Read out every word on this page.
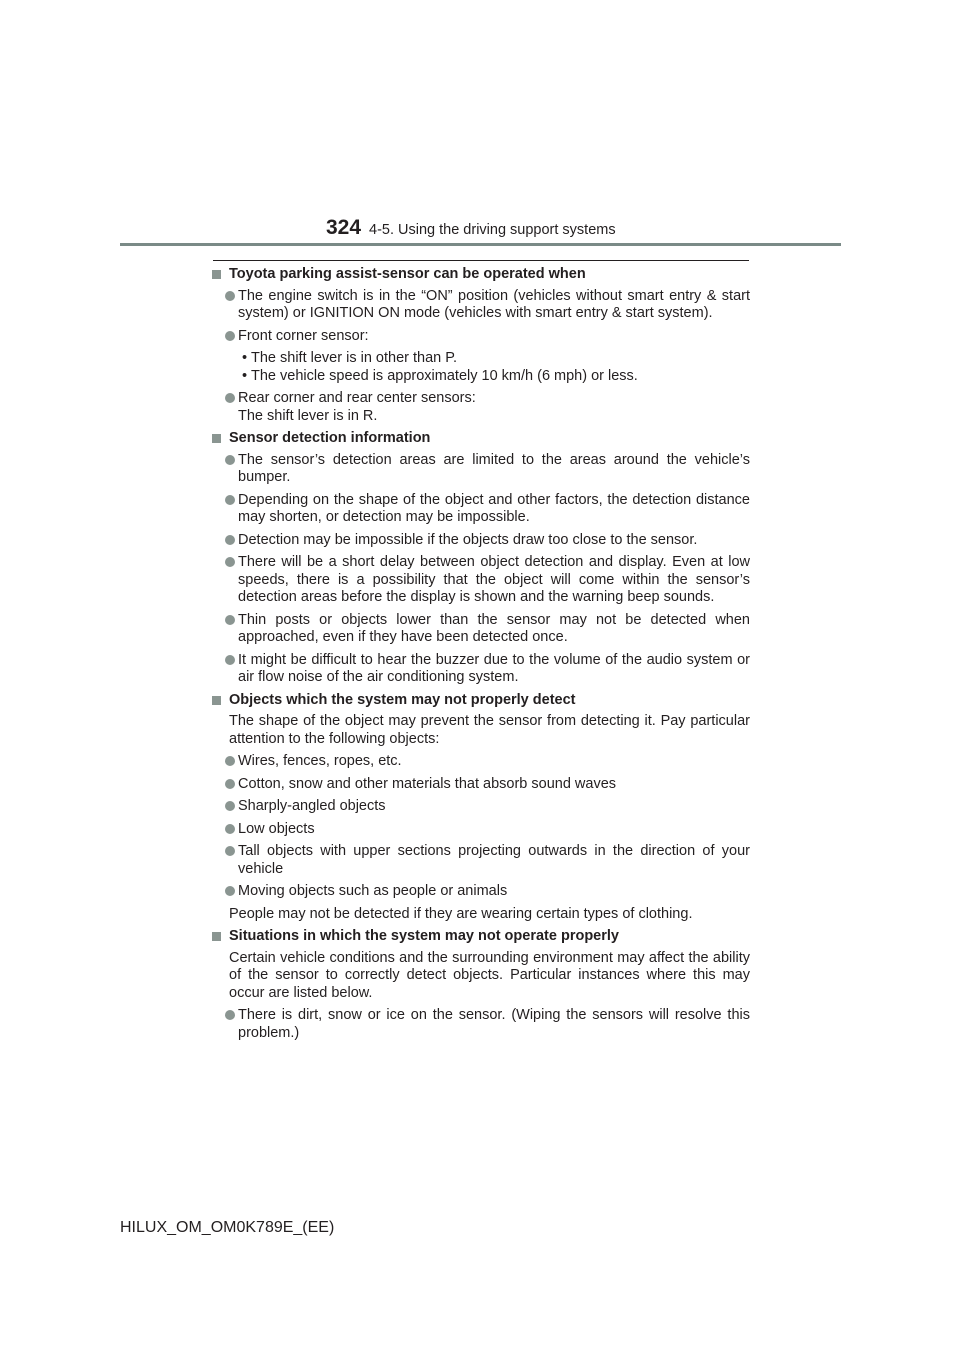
324 4-5. Using the driving support systems
Toyota parking assist-sensor can be operated when
The engine switch is in the “ON” position (vehicles without smart entry & start system) or IGNITION ON mode (vehicles with smart entry & start system).
Front corner sensor:
• The shift lever is in other than P.
• The vehicle speed is approximately 10 km/h (6 mph) or less.
Rear corner and rear center sensors:
The shift lever is in R.
Sensor detection information
The sensor’s detection areas are limited to the areas around the vehicle’s bumper.
Depending on the shape of the object and other factors, the detection distance may shorten, or detection may be impossible.
Detection may be impossible if the objects draw too close to the sensor.
There will be a short delay between object detection and display. Even at low speeds, there is a possibility that the object will come within the sensor’s detection areas before the display is shown and the warning beep sounds.
Thin posts or objects lower than the sensor may not be detected when approached, even if they have been detected once.
It might be difficult to hear the buzzer due to the volume of the audio system or air flow noise of the air conditioning system.
Objects which the system may not properly detect
The shape of the object may prevent the sensor from detecting it. Pay particular attention to the following objects:
Wires, fences, ropes, etc.
Cotton, snow and other materials that absorb sound waves
Sharply-angled objects
Low objects
Tall objects with upper sections projecting outwards in the direction of your vehicle
Moving objects such as people or animals
People may not be detected if they are wearing certain types of clothing.
Situations in which the system may not operate properly
Certain vehicle conditions and the surrounding environment may affect the ability of the sensor to correctly detect objects. Particular instances where this may occur are listed below.
There is dirt, snow or ice on the sensor. (Wiping the sensors will resolve this problem.)
HILUX_OM_OM0K789E_(EE)
